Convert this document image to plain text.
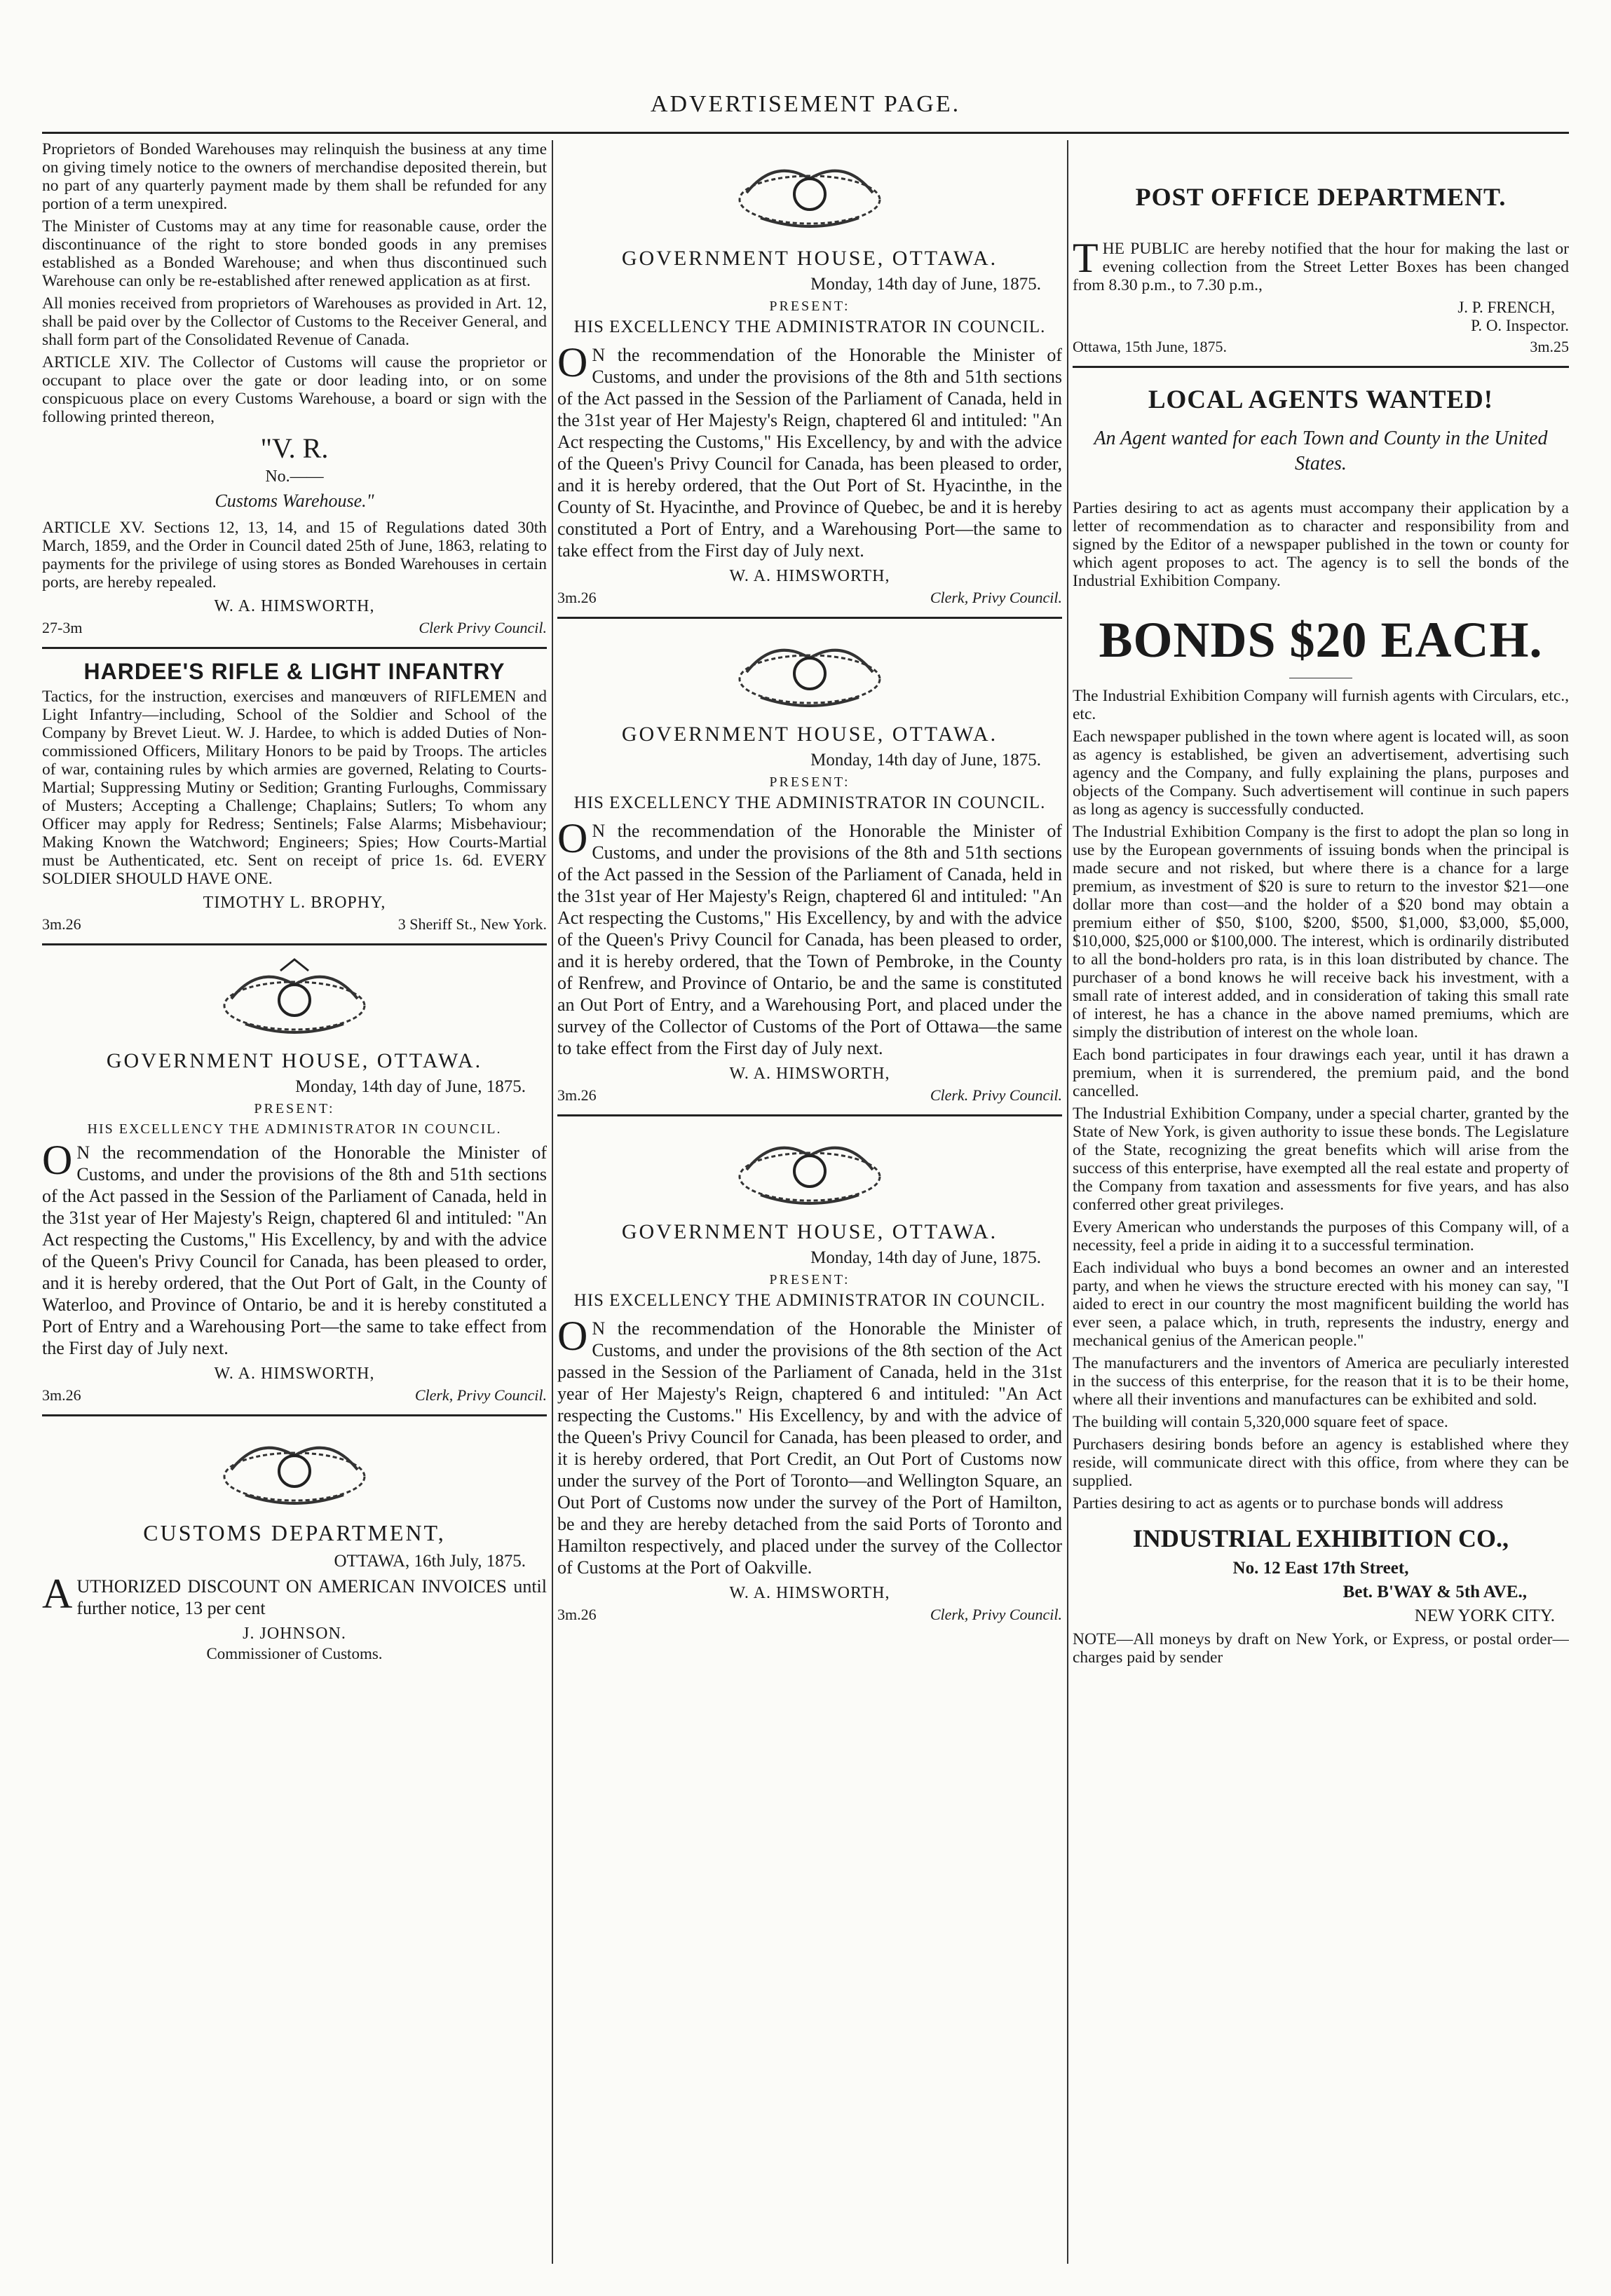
ADVERTISEMENT PAGE.

Proprietors of Bonded Warehouses may relinquish the business at any time on giving timely notice to the owners of merchandise deposited therein, but no part of any quarterly payment made by them shall be refunded for any portion of a term unexpired.

The Minister of Customs may at any time for reasonable cause, order the discontinuance of the right to store bonded goods in any premises established as a Bonded Warehouse; and when thus discontinued such Warehouse can only be re-established after renewed application as at first.

All monies received from proprietors of Warehouses as provided in Art. 12, shall be paid over by the Collector of Customs to the Receiver General, and shall form part of the Consolidated Revenue of Canada.

ARTICLE XIV. The Collector of Customs will cause the proprietor or occupant to place over the gate or door leading into, or on some conspicuous place on every Customs Warehouse, a board or sign with the following printed thereon,

"V. R.
No.——
Customs Warehouse."

ARTICLE XV. Sections 12, 13, 14, and 15 of Regulations dated 30th March, 1859, and the Order in Council dated 25th of June, 1863, relating to payments for the privilege of using stores as Bonded Warehouses in certain ports, are hereby repealed.

W. A. HIMSWORTH,
27-3m	Clerk Privy Council.
HARDEE'S RIFLE & LIGHT INFANTRY

Tactics, for the instruction, exercises and manœuvers of RIFLEMEN and Light Infantry—including, School of the Soldier and School of the Company by Brevet Lieut. W. J. Hardee, to which is added Duties of Non-commissioned Officers, Military Honors to be paid by Troops. The articles of war, containing rules by which armies are governed, Relating to Courts-Martial; Suppressing Mutiny or Sedition; Granting Furloughs, Commissary of Musters; Accepting a Challenge; Chaplains; Sutlers; To whom any Officer may apply for Redress; Sentinels; False Alarms; Misbehaviour; Making Known the Watchword; Engineers; Spies; How Courts-Martial must be Authenticated, etc. Sent on receipt of price 1s. 6d. EVERY SOLDIER SHOULD HAVE ONE.

TIMOTHY L. BROPHY,
3m.26	3 Sheriff St., New York.
GOVERNMENT HOUSE, OTTAWA.
Monday, 14th day of June, 1875.
PRESENT:
HIS EXCELLENCY THE ADMINISTRATOR IN COUNCIL.

ON the recommendation of the Honorable the Minister of Customs, and under the provisions of the 8th and 51th sections of the Act passed in the Session of the Parliament of Canada, held in the 31st year of Her Majesty's Reign, chaptered 6l and intituled: "An Act respecting the Customs," His Excellency, by and with the advice of the Queen's Privy Council for Canada, has been pleased to order, and it is hereby ordered, that the Out Port of Galt, in the County of Waterloo, and Province of Ontario, be and it is hereby constituted a Port of Entry and a Warehousing Port—the same to take effect from the First day of July next.

W. A. HIMSWORTH,
3m.26	Clerk, Privy Council.
CUSTOMS DEPARTMENT,
OTTAWA, 16th July, 1875.

AUTHORIZED DISCOUNT ON AMERICAN INVOICES until further notice, 13 per cent

J. JOHNSON.
Commissioner of Customs.
GOVERNMENT HOUSE, OTTAWA.
Monday, 14th day of June, 1875.
PRESENT:
HIS EXCELLENCY THE ADMINISTRATOR IN COUNCIL.

ON the recommendation of the Honorable the Minister of Customs, and under the provisions of the 8th and 51th sections of the Act passed in the Session of the Parliament of Canada, held in the 31st year of Her Majesty's Reign, chaptered 6l and intituled: "An Act respecting the Customs," His Excellency, by and with the advice of the Queen's Privy Council for Canada, has been pleased to order, and it is hereby ordered, that the Out Port of St. Hyacinthe, in the County of St. Hyacinthe, and Province of Quebec, be and it is hereby constituted a Port of Entry, and a Warehousing Port—the same to take effect from the First day of July next.

W. A. HIMSWORTH,
3m.26	Clerk, Privy Council.
GOVERNMENT HOUSE, OTTAWA.
Monday, 14th day of June, 1875.
PRESENT:
HIS EXCELLENCY THE ADMINISTRATOR IN COUNCIL.

ON the recommendation of the Honorable the Minister of Customs, and under the provisions of the 8th and 51th sections of the Act passed in the Session of the Parliament of Canada, held in the 31st year of Her Majesty's Reign, chaptered 6l and intituled: "An Act respecting the Customs," His Excellency, by and with the advice of the Queen's Privy Council for Canada, has been pleased to order, and it is hereby ordered, that the Town of Pembroke, in the County of Renfrew, and Province of Ontario, be and the same is constituted an Out Port of Entry, and a Warehousing Port, and placed under the survey of the Collector of Customs of the Port of Ottawa—the same to take effect from the First day of July next.

W. A. HIMSWORTH,
3m.26	Clerk. Privy Council.
GOVERNMENT HOUSE, OTTAWA.
Monday, 14th day of June, 1875.
PRESENT:
HIS EXCELLENCY THE ADMINISTRATOR IN COUNCIL.

ON the recommendation of the Honorable the Minister of Customs, and under the provisions of the 8th section of the Act passed in the Session of the Parliament of Canada, held in the 31st year of Her Majesty's Reign, chaptered 6 and intituled: "An Act respecting the Customs." His Excellency, by and with the advice of the Queen's Privy Council for Canada, has been pleased to order, and it is hereby ordered, that Port Credit, an Out Port of Customs now under the survey of the Port of Toronto—and Wellington Square, an Out Port of Customs now under the survey of the Port of Hamilton, be and they are hereby detached from the said Ports of Toronto and Hamilton respectively, and placed under the survey of the Collector of Customs at the Port of Oakville.

W. A. HIMSWORTH,
3m.26	Clerk, Privy Council.
POST OFFICE DEPARTMENT.

THE PUBLIC are hereby notified that the hour for making the last or evening collection from the Street Letter Boxes has been changed from 8.30 p.m., to 7.30 p.m.,

J. P. FRENCH,
P. O. Inspector.
Ottawa, 15th June, 1875.	3m.25
LOCAL AGENTS WANTED!
An Agent wanted for each Town and County in the United States.

Parties desiring to act as agents must accompany their application by a letter of recommendation as to character and responsibility from and signed by the Editor of a newspaper published in the town or county for which agent proposes to act. The agency is to sell the bonds of the Industrial Exhibition Company.

BONDS $20 EACH.

The Industrial Exhibition Company will furnish agents with Circulars, etc., etc.

Each newspaper published in the town where agent is located will, as soon as agency is established, be given an advertisement, advertising such agency and the Company, and fully explaining the plans, purposes and objects of the Company. Such advertisement will continue in such papers as long as agency is successfully conducted.

The Industrial Exhibition Company is the first to adopt the plan so long in use by the European governments of issuing bonds when the principal is made secure and not risked, but where there is a chance for a large premium, as investment of $20 is sure to return to the investor $21—one dollar more than cost—and the holder of a $20 bond may obtain a premium either of $50, $100, $200, $500, $1,000, $3,000, $5,000, $10,000, $25,000 or $100,000. The interest, which is ordinarily distributed to all the bond-holders pro rata, is in this loan distributed by chance. The purchaser of a bond knows he will receive back his investment, with a small rate of interest added, and in consideration of taking this small rate of interest, he has a chance in the above named premiums, which are simply the distribution of interest on the whole loan.

Each bond participates in four drawings each year, until it has drawn a premium, when it is surrendered, the premium paid, and the bond cancelled.

The Industrial Exhibition Company, under a special charter, granted by the State of New York, is given authority to issue these bonds. The Legislature of the State, recognizing the great benefits which will arise from the success of this enterprise, have exempted all the real estate and property of the Company from taxation and assessments for five years, and has also conferred other great privileges.

Every American who understands the purposes of this Company will, of a necessity, feel a pride in aiding it to a successful termination.

Each individual who buys a bond becomes an owner and an interested party, and when he views the structure erected with his money can say, "I aided to erect in our country the most magnificent building the world has ever seen, a palace which, in truth, represents the industry, energy and mechanical genius of the American people."

The manufacturers and the inventors of America are peculiarly interested in the success of this enterprise, for the reason that it is to be their home, where all their inventions and manufactures can be exhibited and sold.

The building will contain 5,320,000 square feet of space.

Purchasers desiring bonds before an agency is established where they reside, will communicate direct with this office, from where they can be supplied.

Parties desiring to act as agents or to purchase bonds will address

INDUSTRIAL EXHIBITION CO.,
No. 12 East 17th Street,
Bet. B'WAY & 5th AVE.,
NEW YORK CITY.

NOTE—All moneys by draft on New York, or Express, or postal order—charges paid by sender
